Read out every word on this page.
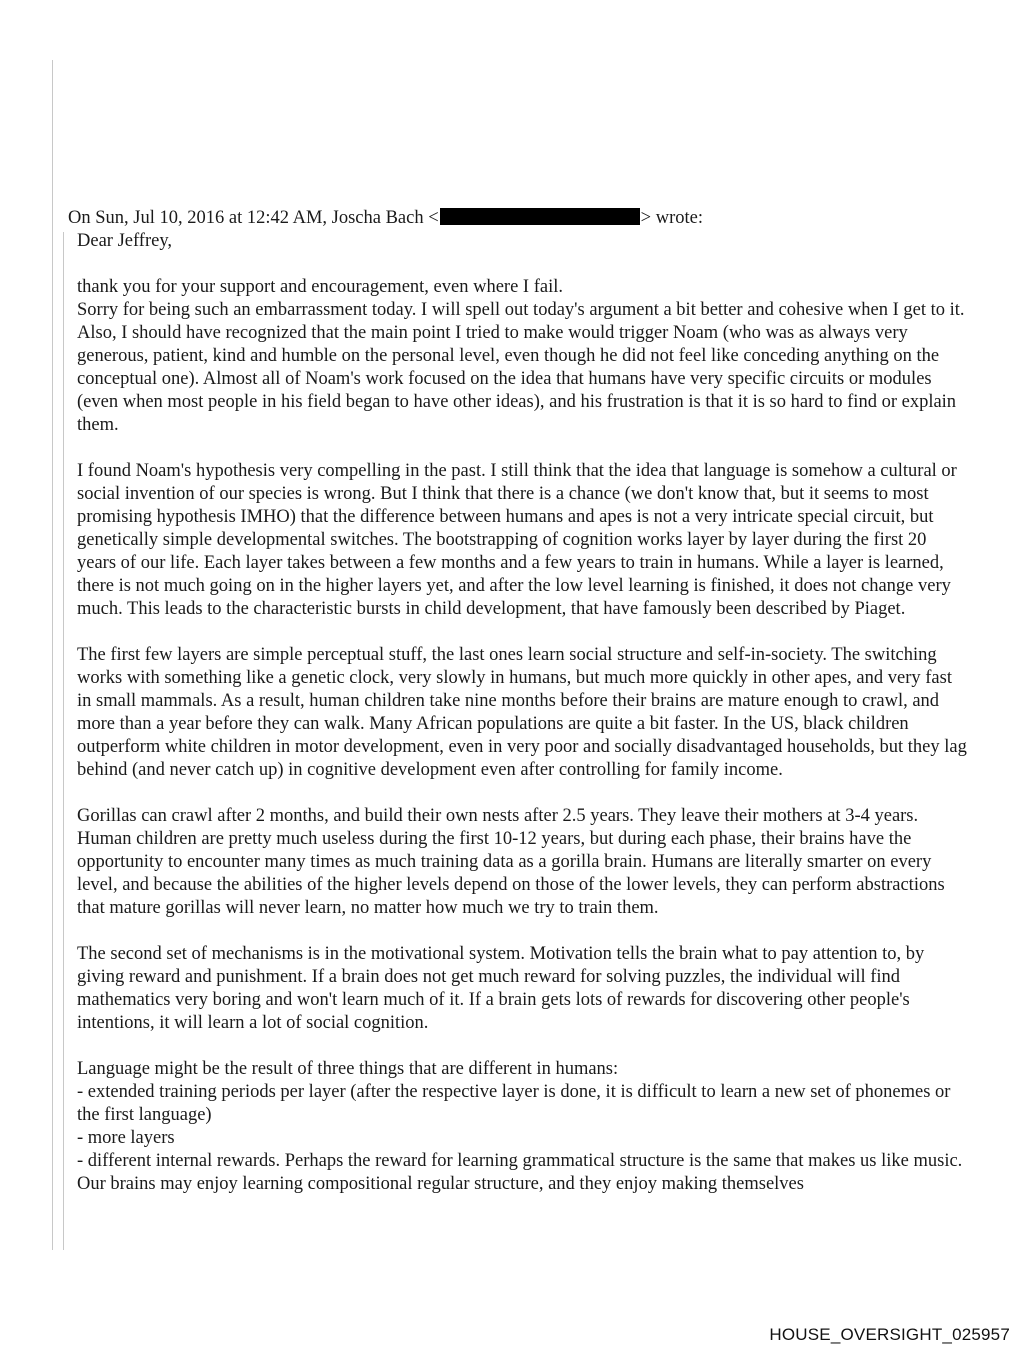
On Sun, Jul 10, 2016 at 12:42 AM, Joscha Bach <	> wrote:

Dear Jeffrey,

thank you for your support and encouragement, even where I fail.
Sorry for being such an embarrassment today. I will spell out today's argument a bit better and cohesive when I get to it. Also, I should have recognized that the main point I tried to make would trigger Noam (who was as always very generous, patient, kind and humble on the personal level, even though he did not feel like conceding anything on the conceptual one). Almost all of Noam's work focused on the idea that humans have very specific circuits or modules (even when most people in his field began to have other ideas), and his frustration is that it is so hard to find or explain them.

I found Noam's hypothesis very compelling in the past. I still think that the idea that language is somehow a cultural or social invention of our species is wrong. But I think that there is a chance (we don't know that, but it seems to most promising hypothesis IMHO) that the difference between humans and apes is not a very intricate special circuit, but genetically simple developmental switches. The bootstrapping of cognition works layer by layer during the first 20 years of our life. Each layer takes between a few months and a few years to train in humans. While a layer is learned, there is not much going on in the higher layers yet, and after the low level learning is finished, it does not change very much. This leads to the characteristic bursts in child development, that have famously been described by Piaget.

The first few layers are simple perceptual stuff, the last ones learn social structure and self-in-society. The switching works with something like a genetic clock, very slowly in humans, but much more quickly in other apes, and very fast in small mammals. As a result, human children take nine months before their brains are mature enough to crawl, and more than a year before they can walk. Many African populations are quite a bit faster. In the US, black children outperform white children in motor development, even in very poor and socially disadvantaged households, but they lag behind (and never catch up) in cognitive development even after controlling for family income.

Gorillas can crawl after 2 months, and build their own nests after 2.5 years. They leave their mothers at 3-4 years. Human children are pretty much useless during the first 10-12 years, but during each phase, their brains have the opportunity to encounter many times as much training data as a gorilla brain. Humans are literally smarter on every level, and because the abilities of the higher levels depend on those of the lower levels, they can perform abstractions that mature gorillas will never learn, no matter how much we try to train them.

The second set of mechanisms is in the motivational system. Motivation tells the brain what to pay attention to, by giving reward and punishment. If a brain does not get much reward for solving puzzles, the individual will find mathematics very boring and won't learn much of it. If a brain gets lots of rewards for discovering other people's intentions, it will learn a lot of social cognition.

Language might be the result of three things that are different in humans:

- extended training periods per layer (after the respective layer is done, it is difficult to learn a new set of phonemes or the first language)

- more layers

- different internal rewards. Perhaps the reward for learning grammatical structure is the same that makes us like music. Our brains may enjoy learning compositional regular structure, and they enjoy making themselves

HOUSE_OVERSIGHT_025957
